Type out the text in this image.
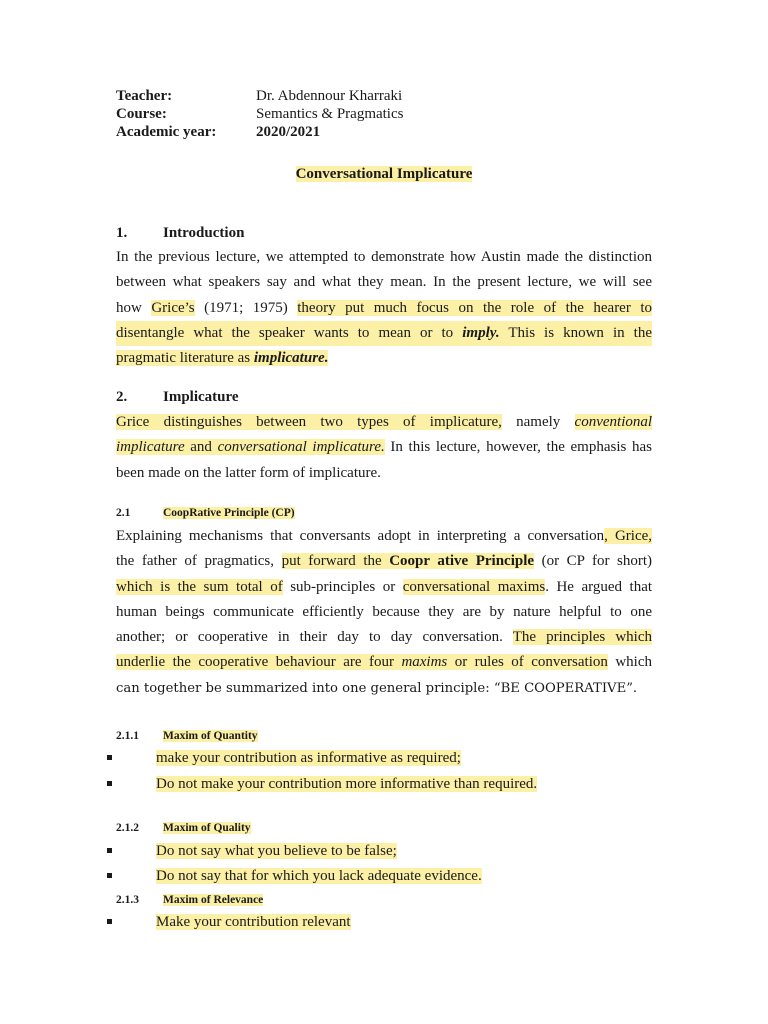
Teacher:	Dr. Abdennour Kharraki
Course:	Semantics & Pragmatics
Academic year:	2020/2021
Conversational Implicature
1. Introduction
In the previous lecture, we attempted to demonstrate how Austin made the distinction
between what speakers say and what they mean. In the present lecture, we will see
how Grice’s (1971; 1975) theory put much focus on the role of the hearer to
disentangle what the speaker wants to mean or to imply. This is known in the
pragmatic literature as implicature.
2. Implicature
Grice distinguishes between two types of implicature, namely conventional
implicature and conversational implicature. In this lecture, however, the emphasis has
been made on the latter form of implicature.
2.1	CoopRative Principle (CP)
Explaining mechanisms that conversants adopt in interpreting a conversation, Grice,
the father of pragmatics, put forward the Coopr ative Principle (or CP for short)
which is the sum total of sub-principles or conversational maxims. He argued that
human beings communicate efficiently because they are by nature helpful to one
another; or cooperative in their day to day conversation. The principles which
underlie the cooperative behaviour are four maxims or rules of conversation which
can together be summarized into one general principle: “BE COOPERATIVE”.
2.1.1 Maxim of Quantity
make your contribution as informative as required;
Do not make your contribution more informative than required.
2.1.2 Maxim of Quality
Do not say what you believe to be false;
Do not say that for which you lack adequate evidence.
2.1.3 Maxim of Relevance
Make your contribution relevant
